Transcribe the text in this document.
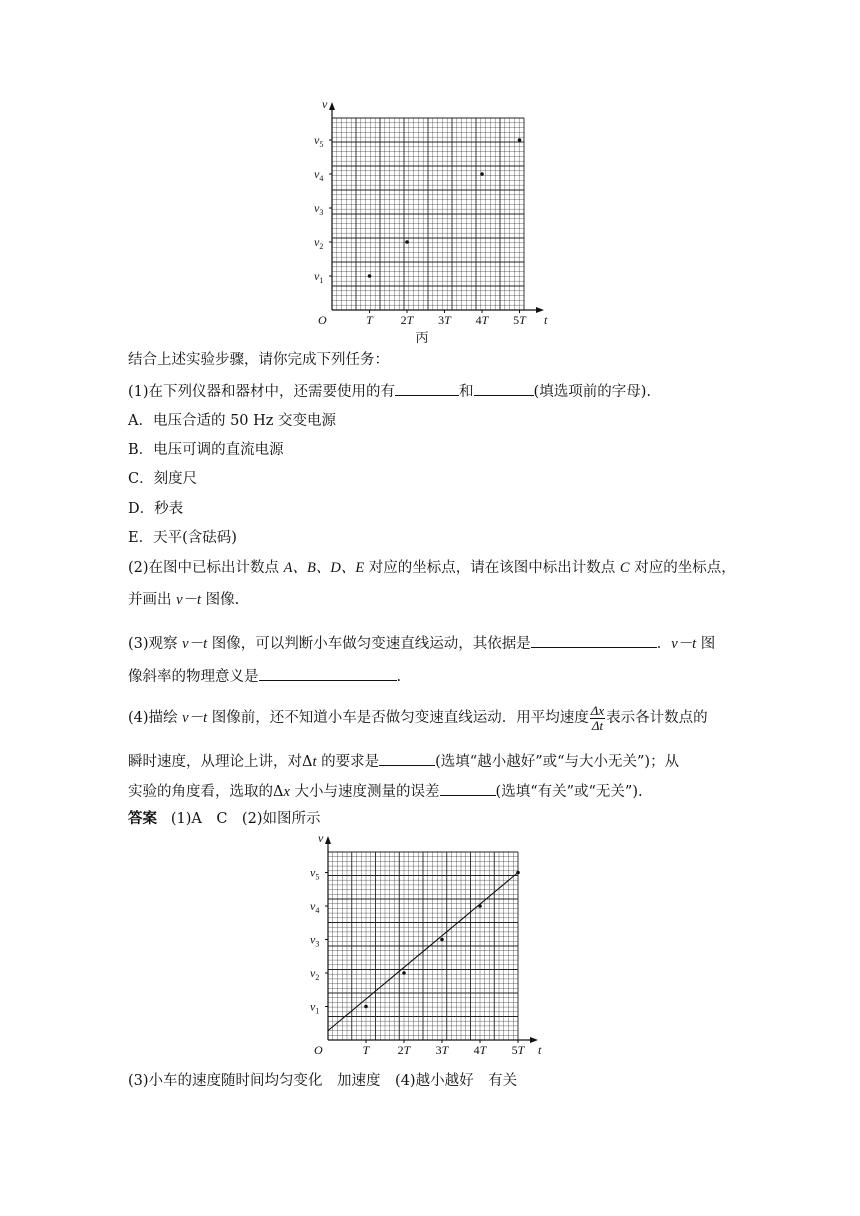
t
v
O	T 2T 3T 4T 5T
$v_1$
$v_2$
$v_3$
$v_4$
$v_5$
丙
结合上述实验步骤，请你完成下列任务：
(1)在下列仪器和器材中，还需要使用的有	和	(填选项前的字母).
A．电压合适的 50 Hz 交变电源
B．电压可调的直流电源
C．刻度尺
D．秒表
E．天平(含砝码)
(2)在图中已标出计数点 A、B、D、E 对应的坐标点，请在该图中标出计数点 C 对应的坐标点，
并画出 v－t 图像.
(3)观察 v－t 图像，可以判断小车做匀变速直线运动，其依据是	．v－t 图
像斜率的物理意义是	.
(4)描绘 v－t 图像前，还不知道小车是否做匀变速直线运动．用平均速度 $\frac{\Delta x}{\Delta t}$ 表示各计数点的
瞬时速度，从理论上讲，对Δt 的要求是	(选填“越小越好”或“与大小无关”)；从
实验的角度看，选取的Δx 大小与速度测量的误差	(选填“有关”或“无关”).
答案 (1)A　C　(2)如图所示
t
v
O	T 2T 3T 4T 5T
$v_1$
$v_2$
$v_3$
$v_4$
$v_5$
(3)小车的速度随时间均匀变化　加速度　(4)越小越好　有关
